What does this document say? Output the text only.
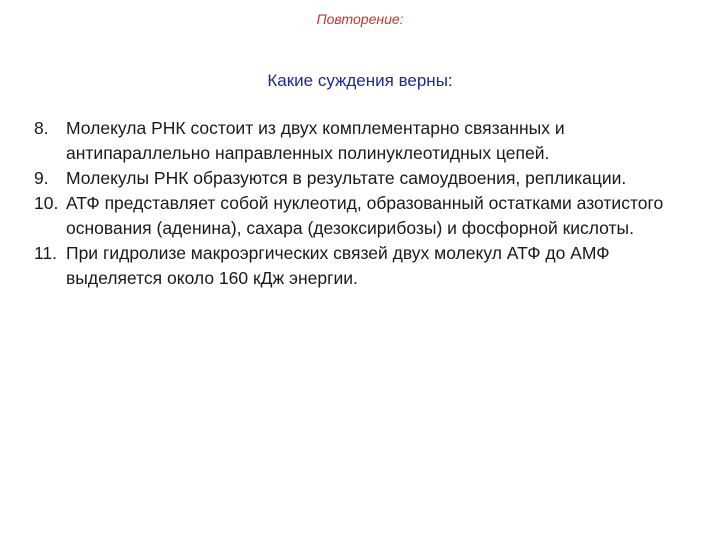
Повторение:
Какие суждения верны:
8. Молекула РНК состоит из двух комплементарно связанных и антипараллельно направленных полинуклеотидных цепей.
9. Молекулы РНК образуются в результате самоудвоения, репликации.
10. АТФ представляет собой нуклеотид, образованный остатками азотистого основания (аденина), сахара (дезоксирибозы) и фосфорной кислоты.
11. При гидролизе макроэргических связей двух молекул АТФ до АМФ выделяется около 160 кДж энергии.
